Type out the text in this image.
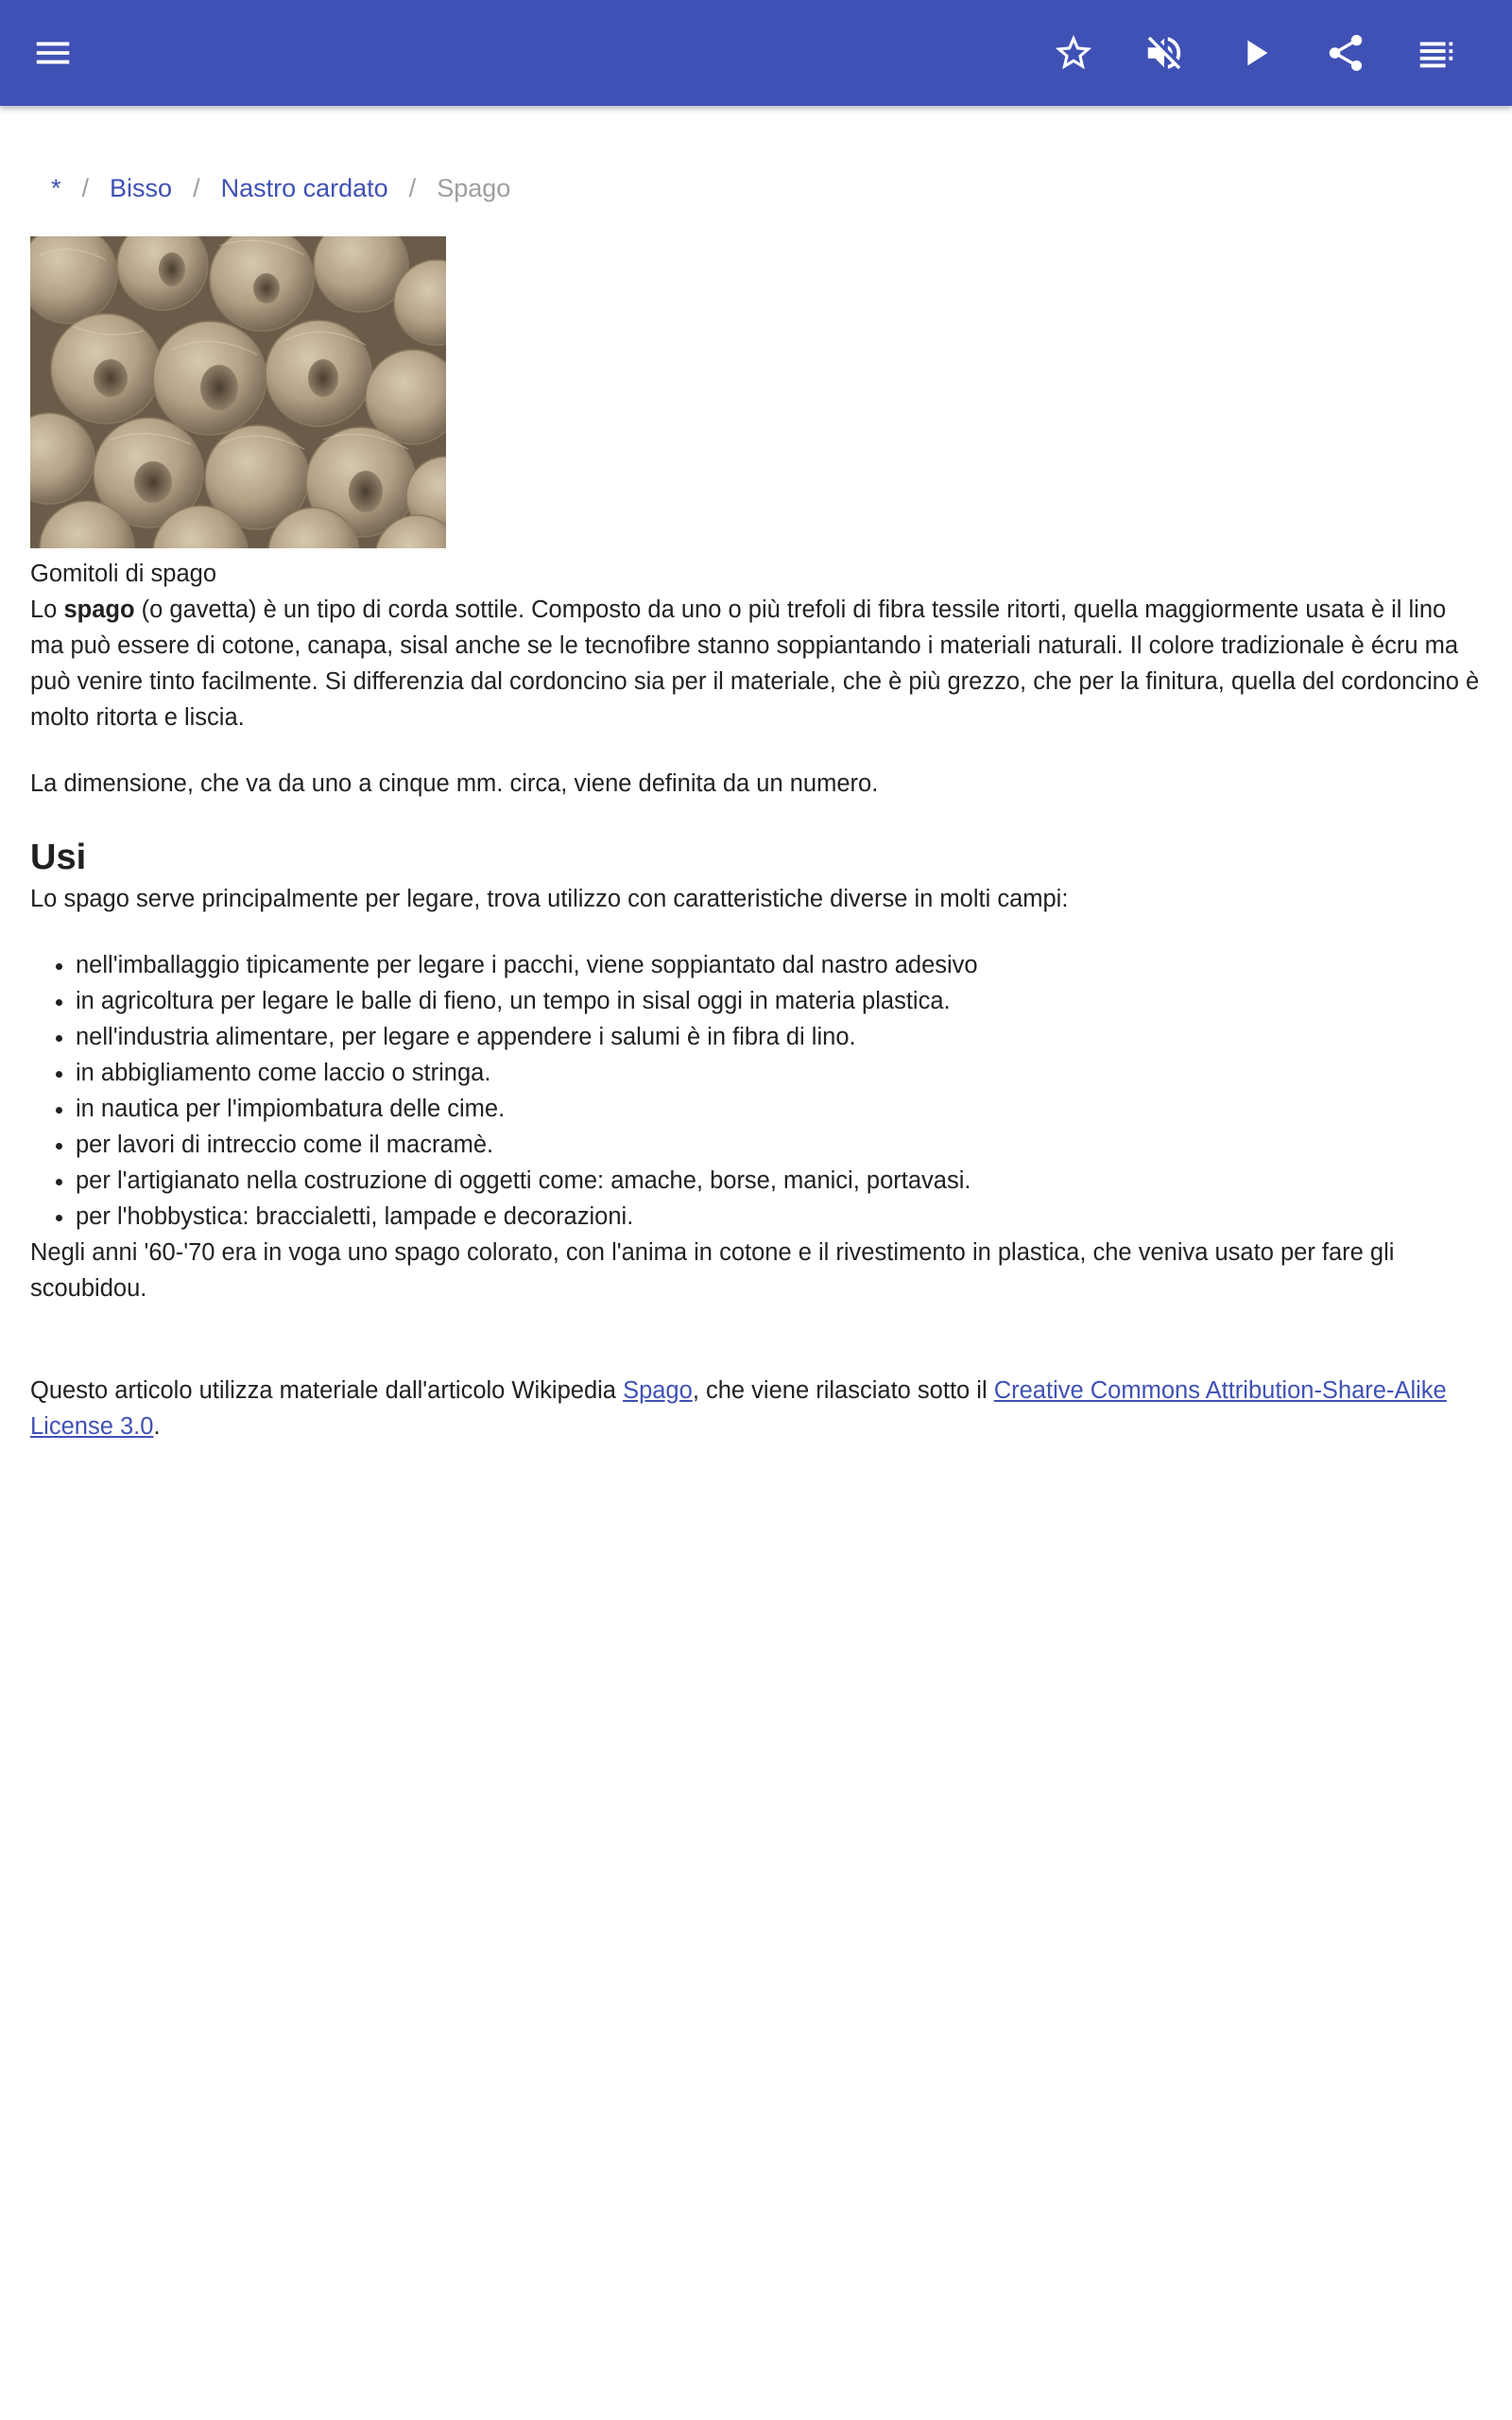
* / Bisso / Nastro cardato / Spago
Gomitoli di spago

Lo spago (o gavetta) è un tipo di corda sottile. Composto da uno o più trefoli di fibra tessile ritorti, quella maggiormente usata è il lino ma può essere di cotone, canapa, sisal anche se le tecnofibre stanno soppiantando i materiali naturali. Il colore tradizionale è écru ma può venire tinto facilmente. Si differenzia dal cordoncino sia per il materiale, che è più grezzo, che per la finitura, quella del cordoncino è molto ritorta e liscia.

La dimensione, che va da uno a cinque mm. circa, viene definita da un numero.

Usi

Lo spago serve principalmente per legare, trova utilizzo con caratteristiche diverse in molti campi:

• nell'imballaggio tipicamente per legare i pacchi, viene soppiantato dal nastro adesivo
• in agricoltura per legare le balle di fieno, un tempo in sisal oggi in materia plastica.
• nell'industria alimentare, per legare e appendere i salumi è in fibra di lino.
• in abbigliamento come laccio o stringa.
• in nautica per l'impiombatura delle cime.
• per lavori di intreccio come il macramè.
• per l'artigianato nella costruzione di oggetti come: amache, borse, manici, portavasi.
• per l'hobbystica: braccialetti, lampade e decorazioni.

Negli anni '60-'70 era in voga uno spago colorato, con l'anima in cotone e il rivestimento in plastica, che veniva usato per fare gli scoubidou.

Questo articolo utilizza materiale dall'articolo Wikipedia Spago, che viene rilasciato sotto il Creative Commons Attribution-Share-Alike License 3.0.
